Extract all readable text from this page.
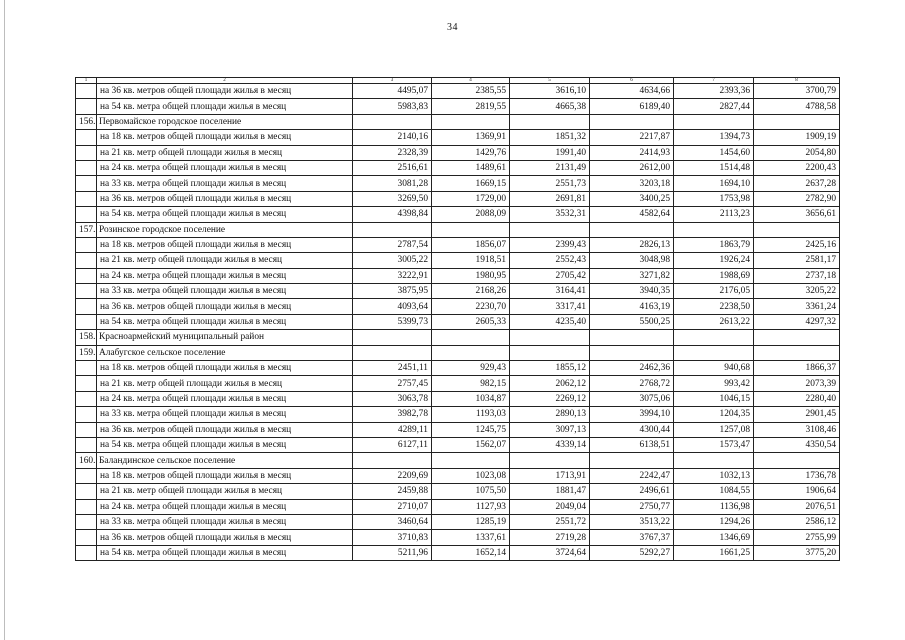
34
1	2	3	4	5	6	7	8
	на 36 кв. метров общей площади жилья в месяц	4495,07	2385,55	3616,10	4634,66	2393,36	3700,79
	на 54 кв. метра общей площади жилья в месяц	5983,83	2819,55	4665,38	6189,40	2827,44	4788,58
156.	Первомайское городское поселение						
	на 18 кв. метров общей площади жилья в месяц	2140,16	1369,91	1851,32	2217,87	1394,73	1909,19
	на 21 кв. метр общей площади жилья в месяц	2328,39	1429,76	1991,40	2414,93	1454,60	2054,80
	на 24 кв. метра общей площади жилья в месяц	2516,61	1489,61	2131,49	2612,00	1514,48	2200,43
	на 33 кв. метра общей площади жилья в месяц	3081,28	1669,15	2551,73	3203,18	1694,10	2637,28
	на 36 кв. метров общей площади жилья в месяц	3269,50	1729,00	2691,81	3400,25	1753,98	2782,90
	на 54 кв. метра общей площади жилья в месяц	4398,84	2088,09	3532,31	4582,64	2113,23	3656,61
157.	Розинское городское поселение						
	на 18 кв. метров общей площади жилья в месяц	2787,54	1856,07	2399,43	2826,13	1863,79	2425,16
	на 21 кв. метр общей площади жилья в месяц	3005,22	1918,51	2552,43	3048,98	1926,24	2581,17
	на 24 кв. метра общей площади жилья в месяц	3222,91	1980,95	2705,42	3271,82	1988,69	2737,18
	на 33 кв. метра общей площади жилья в месяц	3875,95	2168,26	3164,41	3940,35	2176,05	3205,22
	на 36 кв. метров общей площади жилья в месяц	4093,64	2230,70	3317,41	4163,19	2238,50	3361,24
	на 54 кв. метра общей площади жилья в месяц	5399,73	2605,33	4235,40	5500,25	2613,22	4297,32
158.	Красноармейский муниципальный район						
159.	Алабугское сельское поселение						
	на 18 кв. метров общей площади жилья в месяц	2451,11	929,43	1855,12	2462,36	940,68	1866,37
	на 21 кв. метр общей площади жилья в месяц	2757,45	982,15	2062,12	2768,72	993,42	2073,39
	на 24 кв. метра общей площади жилья в месяц	3063,78	1034,87	2269,12	3075,06	1046,15	2280,40
	на 33 кв. метра общей площади жилья в месяц	3982,78	1193,03	2890,13	3994,10	1204,35	2901,45
	на 36 кв. метров общей площади жилья в месяц	4289,11	1245,75	3097,13	4300,44	1257,08	3108,46
	на 54 кв. метра общей площади жилья в месяц	6127,11	1562,07	4339,14	6138,51	1573,47	4350,54
160.	Баландинское сельское поселение						
	на 18 кв. метров общей площади жилья в месяц	2209,69	1023,08	1713,91	2242,47	1032,13	1736,78
	на 21 кв. метр общей площади жилья в месяц	2459,88	1075,50	1881,47	2496,61	1084,55	1906,64
	на 24 кв. метра общей площади жилья в месяц	2710,07	1127,93	2049,04	2750,77	1136,98	2076,51
	на 33 кв. метра общей площади жилья в месяц	3460,64	1285,19	2551,72	3513,22	1294,26	2586,12
	на 36 кв. метров общей площади жилья в месяц	3710,83	1337,61	2719,28	3767,37	1346,69	2755,99
	на 54 кв. метра общей площади жилья в месяц	5211,96	1652,14	3724,64	5292,27	1661,25	3775,20
